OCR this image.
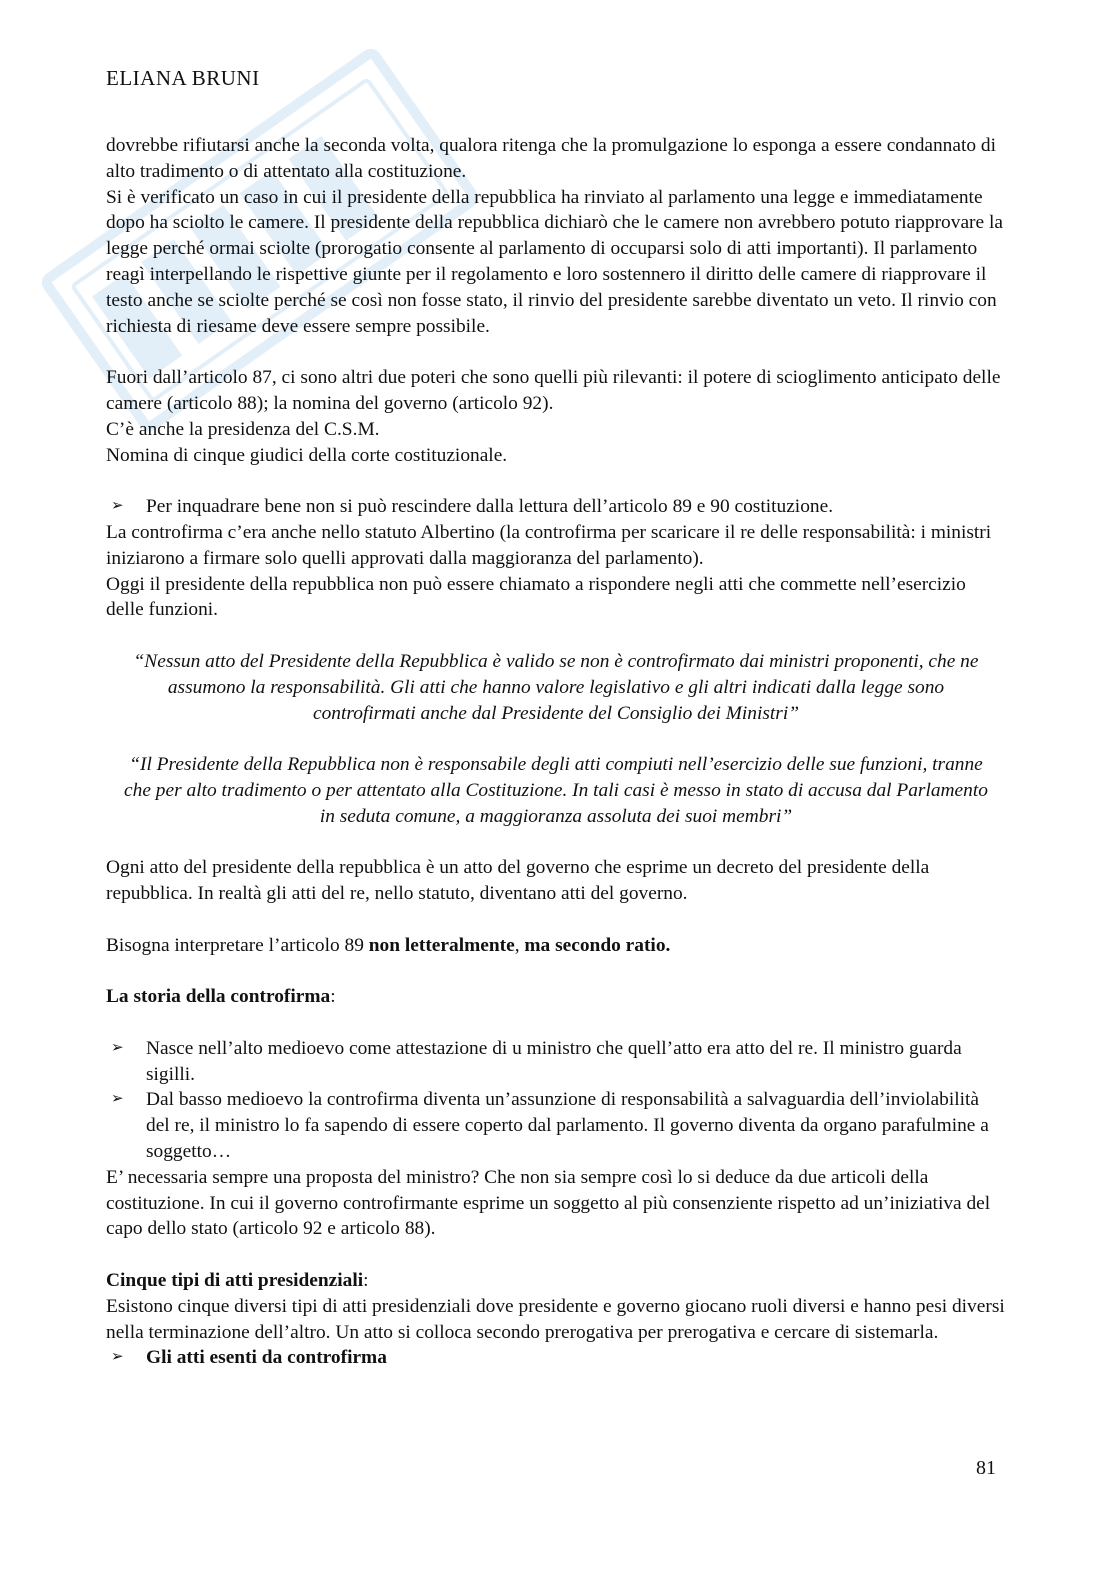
ELIANA BRUNI

dovrebbe rifiutarsi anche la seconda volta, qualora ritenga che la promulgazione lo esponga a essere condannato di alto tradimento o di attentato alla costituzione.

Si è verificato un caso in cui il presidente della repubblica ha rinviato al parlamento una legge e immediatamente dopo ha sciolto le camere. Il presidente della repubblica dichiarò che le camere non avrebbero potuto riapprovare la legge perché ormai sciolte (prorogatio consente al parlamento di occuparsi solo di atti importanti). Il parlamento reagì interpellando le rispettive giunte per il regolamento e loro sostennero il diritto delle camere di riapprovare il testo anche se sciolte perché se così non fosse stato, il rinvio del presidente sarebbe diventato un veto. Il rinvio con richiesta di riesame deve essere sempre possibile.

Fuori dall’articolo 87, ci sono altri due poteri che sono quelli più rilevanti: il potere di scioglimento anticipato delle camere (articolo 88); la nomina del governo (articolo 92).

C’è anche la presidenza del C.S.M.

Nomina di cinque giudici della corte costituzionale.

➢ Per inquadrare bene non si può rescindere dalla lettura dell’articolo 89 e 90 costituzione.

La controfirma c’era anche nello statuto Albertino (la controfirma per scaricare il re delle responsabilità: i ministri iniziarono a firmare solo quelli approvati dalla maggioranza del parlamento).

Oggi il presidente della repubblica non può essere chiamato a rispondere negli atti che commette nell’esercizio delle funzioni.

“Nessun atto del Presidente della Repubblica è valido se non è controfirmato dai ministri proponenti, che ne assumono la responsabilità. Gli atti che hanno valore legislativo e gli altri indicati dalla legge sono controfirmati anche dal Presidente del Consiglio dei Ministri”

“Il Presidente della Repubblica non è responsabile degli atti compiuti nell’esercizio delle sue funzioni, tranne che per alto tradimento o per attentato alla Costituzione. In tali casi è messo in stato di accusa dal Parlamento in seduta comune, a maggioranza assoluta dei suoi membri”

Ogni atto del presidente della repubblica è un atto del governo che esprime un decreto del presidente della repubblica. In realtà gli atti del re, nello statuto, diventano atti del governo.

Bisogna interpretare l’articolo 89 non letteralmente, ma secondo ratio.

La storia della controfirma:

➢ Nasce nell’alto medioevo come attestazione di u ministro che quell’atto era atto del re. Il ministro guarda sigilli.
➢ Dal basso medioevo la controfirma diventa un’assunzione di responsabilità a salvaguardia dell’inviolabilità del re, il ministro lo fa sapendo di essere coperto dal parlamento. Il governo diventa da organo parafulmine a soggetto…

E’ necessaria sempre una proposta del ministro? Che non sia sempre così lo si deduce da due articoli della costituzione. In cui il governo controfirmante esprime un soggetto al più consenziente rispetto ad un’iniziativa del capo dello stato (articolo 92 e articolo 88).

Cinque tipi di atti presidenziali:

Esistono cinque diversi tipi di atti presidenziali dove presidente e governo giocano ruoli diversi e hanno pesi diversi nella terminazione dell’altro. Un atto si colloca secondo prerogativa per prerogativa e cercare di sistemarla.

➢ Gli atti esenti da controfirma
81
